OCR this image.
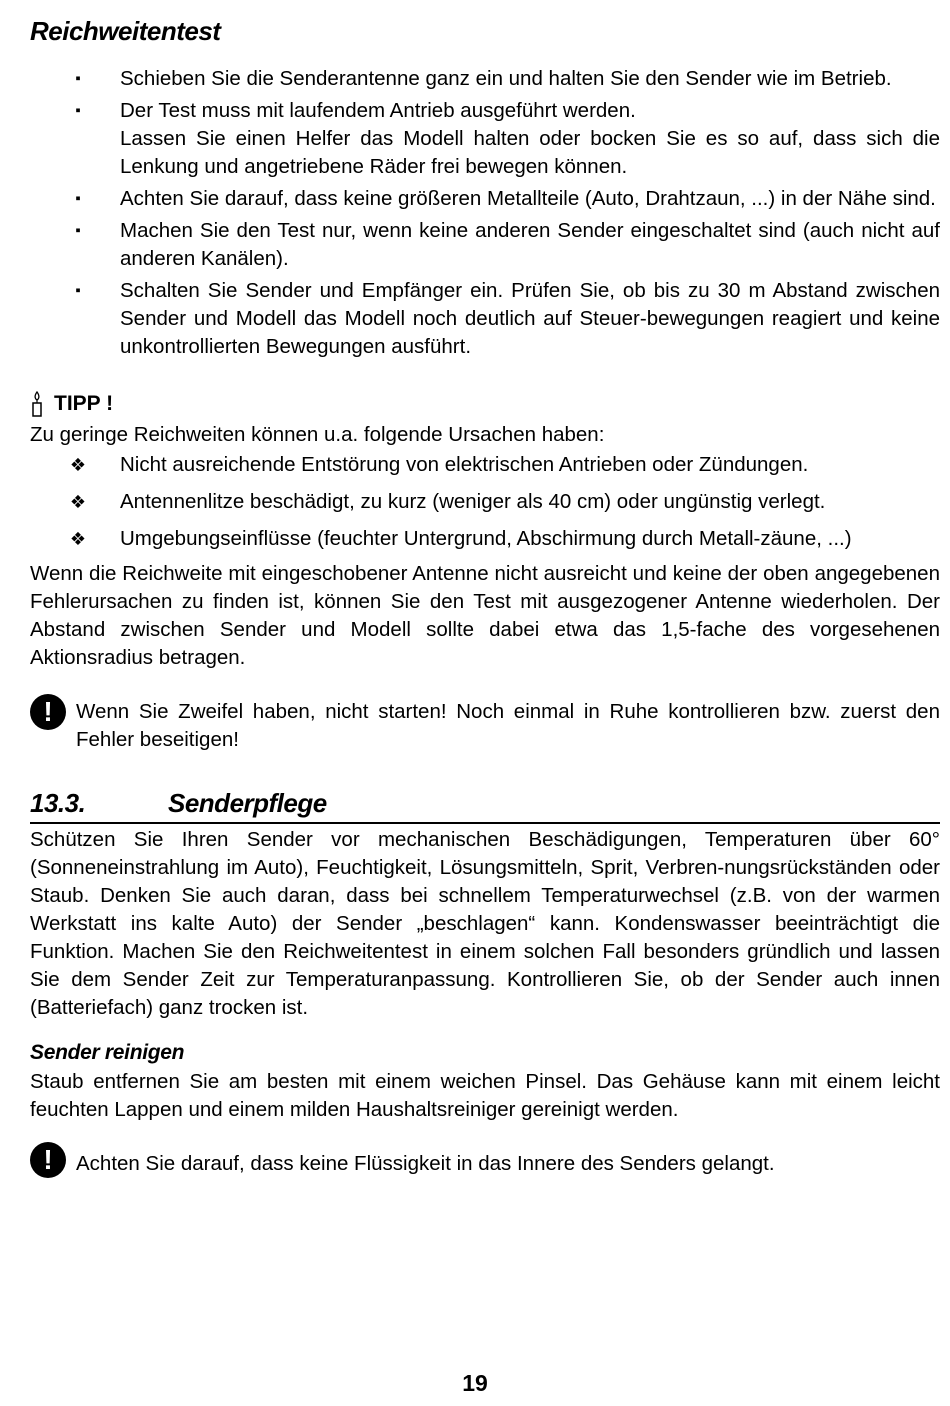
Reichweitentest
▪	Schieben Sie die Senderantenne ganz ein und halten Sie den Sender wie im Betrieb.
▪	Der Test muss mit laufendem Antrieb ausgeführt werden.
Lassen Sie einen Helfer das Modell halten oder bocken Sie es so auf, dass sich die Lenkung und angetriebene Räder frei bewegen können.
▪	Achten Sie darauf, dass keine größeren Metallteile (Auto, Drahtzaun, ...) in der Nähe sind.
▪	Machen Sie den Test nur, wenn keine anderen Sender eingeschaltet sind (auch nicht auf anderen Kanälen).
▪	Schalten Sie Sender und Empfänger ein. Prüfen Sie, ob bis zu 30 m Abstand zwischen Sender und Modell das Modell noch deutlich auf Steuer-bewegungen reagiert und keine unkontrollierten Bewegungen ausführt.
TIPP !

Zu geringe Reichweiten können u.a. folgende Ursachen haben:

❖ Nicht ausreichende Entstörung von elektrischen Antrieben oder Zündungen.
❖ Antennenlitze beschädigt, zu kurz (weniger als 40 cm) oder ungünstig verlegt.
❖ Umgebungseinflüsse (feuchter Untergrund, Abschirmung durch Metall-zäune, ...)

Wenn die Reichweite mit eingeschobener Antenne nicht ausreicht und keine der oben angegebenen Fehlerursachen zu finden ist, können Sie den Test mit ausgezogener Antenne wiederholen. Der Abstand zwischen Sender und Modell sollte dabei etwa das 1,5-fache des vorgesehenen Aktionsradius betragen.

!	Wenn Sie Zweifel haben, nicht starten! Noch einmal in Ruhe kontrollieren bzw. zuerst den Fehler beseitigen!

13.3.	Senderpflege

Schützen Sie Ihren Sender vor mechanischen Beschädigungen, Temperaturen über 60° (Sonneneinstrahlung im Auto), Feuchtigkeit, Lösungsmitteln, Sprit, Verbren-nungsrückständen oder Staub. Denken Sie auch daran, dass bei schnellem Temperaturwechsel (z.B. von der warmen Werkstatt ins kalte Auto) der Sender „beschlagen“ kann. Kondenswasser beeinträchtigt die Funktion. Machen Sie den Reichweitentest in einem solchen Fall besonders gründlich und lassen Sie dem Sender Zeit zur Temperaturanpassung. Kontrollieren Sie, ob der Sender auch innen (Batteriefach) ganz trocken ist.

Sender reinigen

Staub entfernen Sie am besten mit einem weichen Pinsel. Das Gehäuse kann mit einem leicht feuchten Lappen und einem milden Haushaltsreiniger gereinigt werden.

!	Achten Sie darauf, dass keine Flüssigkeit in das Innere des Senders gelangt.

19
